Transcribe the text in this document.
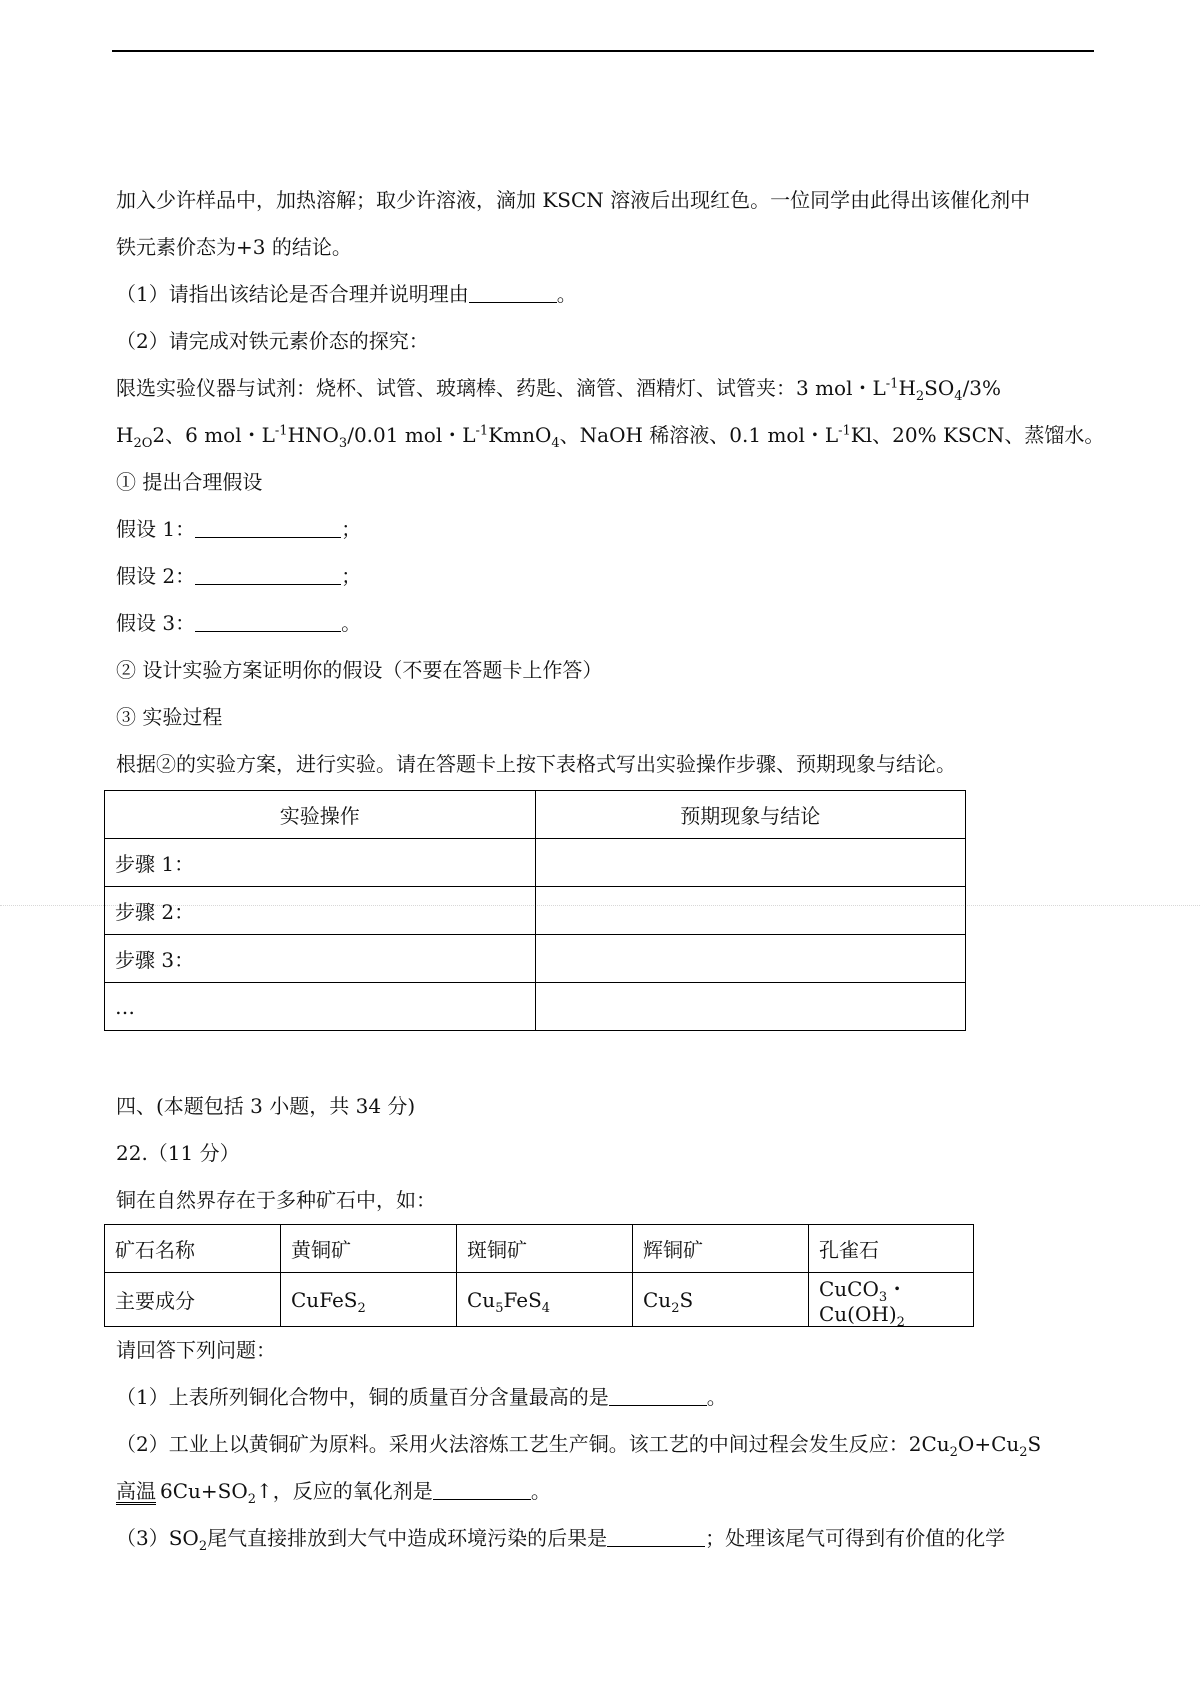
加入少许样品中，加热溶解；取少许溶液，滴加 KSCN 溶液后出现红色。一位同学由此得出该催化剂中
铁元素价态为+3 的结论。
（1）请指出该结论是否合理并说明理由	。
（2）请完成对铁元素价态的探究：
限选实验仪器与试剂：烧杯、试管、玻璃棒、药匙、滴管、酒精灯、试管夹：3 mol・$L^{-1}H_2SO_4/3\%$
$H_{2O}2$、6 mol・$L^{-1}HNO_3/0.01$ mol・$L^{-1}KmnO_4$、NaOH 稀溶液、0.1 mol・$L^{-1}Kl$、20% KSCN、蒸馏水。
① 提出合理假设
假设 1：	；
假设 2：	；
假设 3：	。
② 设计实验方案证明你的假设（不要在答题卡上作答）
③ 实验过程
根据②的实验方案，进行实验。请在答题卡上按下表格式写出实验操作步骤、预期现象与结论。
实验操作	预期现象与结论
步骤 1：	
步骤 2：	
步骤 3：	
…	
四、(本题包括 3 小题，共 34 分)
22.（11 分）
铜在自然界存在于多种矿石中，如：
矿石名称	黄铜矿	斑铜矿	辉铜矿	孔雀石
主要成分	CuFeS$_2$	$Cu_5FeS_4$	$Cu_2S$	CuCO$_3$・$Cu(OH)_2$
请回答下列问题：
（1）上表所列铜化合物中，铜的质量百分含量最高的是	。
（2）工业上以黄铜矿为原料。采用火法溶炼工艺生产铜。该工艺的中间过程会发生反应：$2Cu_2O+Cu_2S$
高温 $6Cu+SO_2↑$，反应的氧化剂是	。
$(3)SO_2$尾气直接排放到大气中造成环境污染的后果是	；处理该尾气可得到有价值的化学
